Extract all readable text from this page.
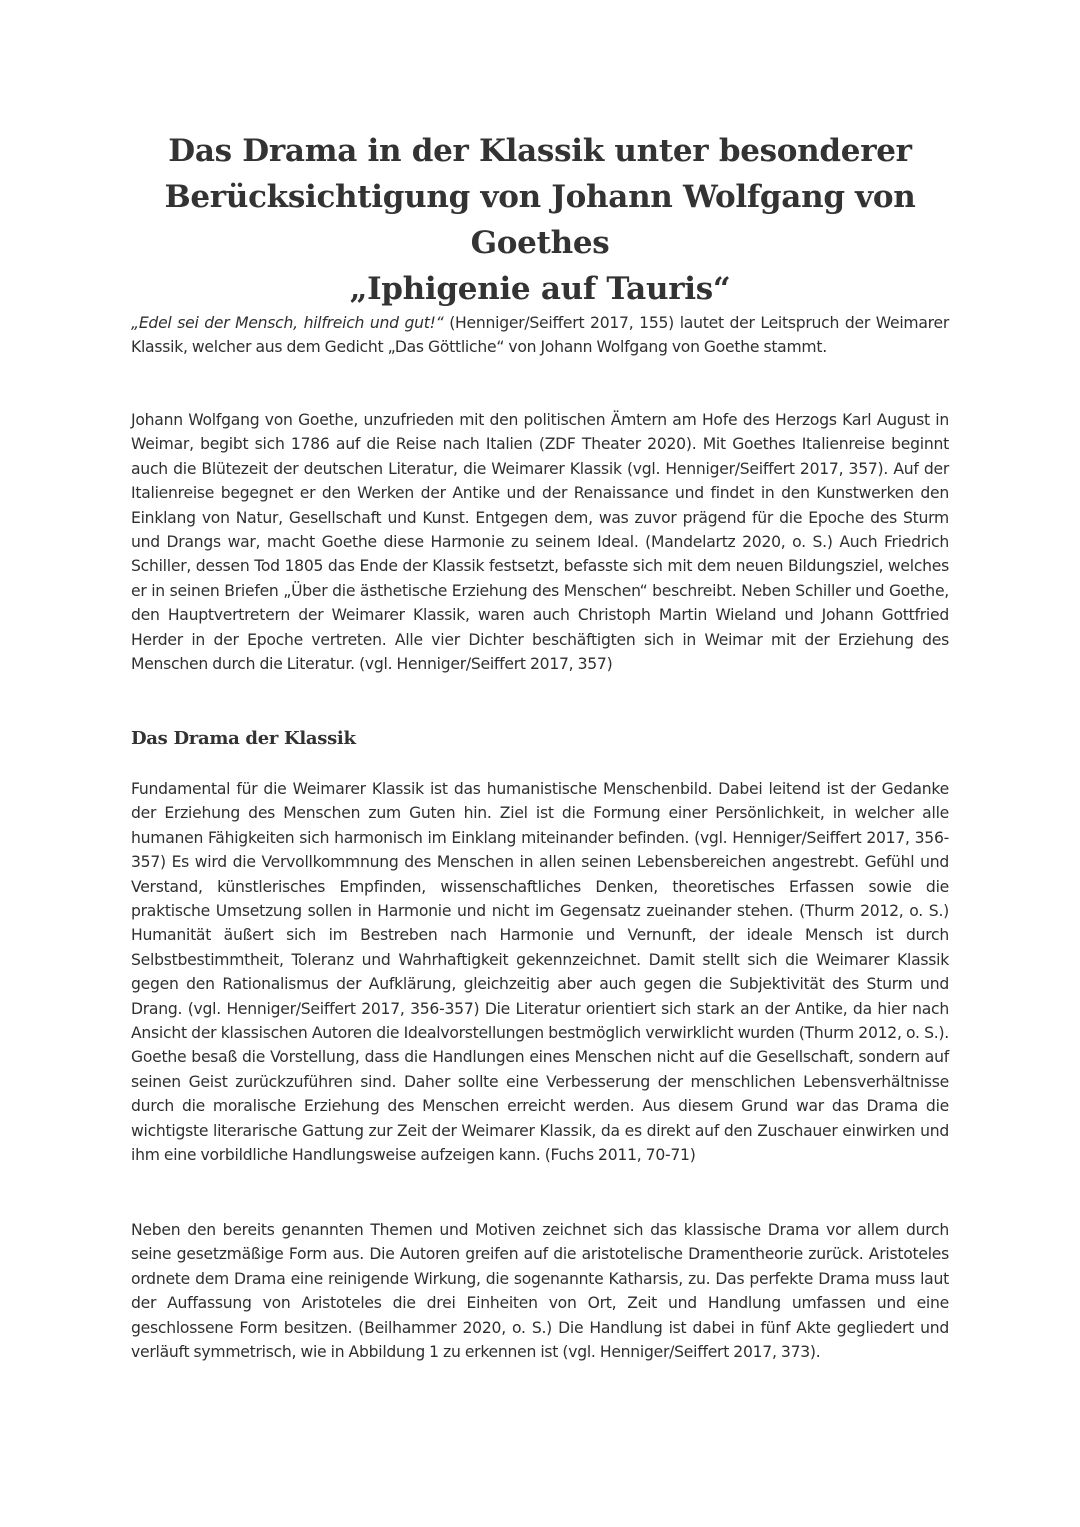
Das Drama in der Klassik unter besonderer
Berücksichtigung von Johann Wolfgang von Goethes
„Iphigenie auf Tauris“

„Edel sei der Mensch, hilfreich und gut!“ (Henniger/Seiffert 2017, 155) lautet der Leitspruch der Weimarer Klassik, welcher aus dem Gedicht „Das Göttliche“ von Johann Wolfgang von Goethe stammt.

Johann Wolfgang von Goethe, unzufrieden mit den politischen Ämtern am Hofe des Herzogs Karl August in Weimar, begibt sich 1786 auf die Reise nach Italien (ZDF Theater 2020). Mit Goethes Italienreise beginnt auch die Blütezeit der deutschen Literatur, die Weimarer Klassik (vgl. Henniger/Seiffert 2017, 357). Auf der Italienreise begegnet er den Werken der Antike und der Renaissance und findet in den Kunstwerken den Einklang von Natur, Gesellschaft und Kunst. Entgegen dem, was zuvor prägend für die Epoche des Sturm und Drangs war, macht Goethe diese Harmonie zu seinem Ideal. (Mandelartz 2020, o. S.) Auch Friedrich Schiller, dessen Tod 1805 das Ende der Klassik festsetzt, befasste sich mit dem neuen Bildungsziel, welches er in seinen Briefen „Über die ästhetische Erziehung des Menschen“ beschreibt. Neben Schiller und Goethe, den Hauptvertretern der Weimarer Klassik, waren auch Christoph Martin Wieland und Johann Gottfried Herder in der Epoche vertreten. Alle vier Dichter beschäftigten sich in Weimar mit der Erziehung des Menschen durch die Literatur. (vgl. Henniger/Seiffert 2017, 357)

Das Drama der Klassik

Fundamental für die Weimarer Klassik ist das humanistische Menschenbild. Dabei leitend ist der Gedanke der Erziehung des Menschen zum Guten hin. Ziel ist die Formung einer Persönlichkeit, in welcher alle humanen Fähigkeiten sich harmonisch im Einklang miteinander befinden. (vgl. Henniger/Seiffert 2017, 356-357) Es wird die Vervollkommnung des Menschen in allen seinen Lebensbereichen angestrebt. Gefühl und Verstand, künstlerisches Empfinden, wissenschaftliches Denken, theoretisches Erfassen sowie die praktische Umsetzung sollen in Harmonie und nicht im Gegensatz zueinander stehen. (Thurm 2012, o. S.) Humanität äußert sich im Bestreben nach Harmonie und Vernunft, der ideale Mensch ist durch Selbstbestimmtheit, Toleranz und Wahrhaftigkeit gekennzeichnet. Damit stellt sich die Weimarer Klassik gegen den Rationalismus der Aufklärung, gleichzeitig aber auch gegen die Subjektivität des Sturm und Drang. (vgl. Henniger/Seiffert 2017, 356-357) Die Literatur orientiert sich stark an der Antike, da hier nach Ansicht der klassischen Autoren die Idealvorstellungen bestmöglich verwirklicht wurden (Thurm 2012, o. S.). Goethe besaß die Vorstellung, dass die Handlungen eines Menschen nicht auf die Gesellschaft, sondern auf seinen Geist zurückzuführen sind. Daher sollte eine Verbesserung der menschlichen Lebensverhältnisse durch die moralische Erziehung des Menschen erreicht werden. Aus diesem Grund war das Drama die wichtigste literarische Gattung zur Zeit der Weimarer Klassik, da es direkt auf den Zuschauer einwirken und ihm eine vorbildliche Handlungsweise aufzeigen kann. (Fuchs 2011, 70-71)

Neben den bereits genannten Themen und Motiven zeichnet sich das klassische Drama vor allem durch seine gesetzmäßige Form aus. Die Autoren greifen auf die aristotelische Dramentheorie zurück. Aristoteles ordnete dem Drama eine reinigende Wirkung, die sogenannte Katharsis, zu. Das perfekte Drama muss laut der Auffassung von Aristoteles die drei Einheiten von Ort, Zeit und Handlung umfassen und eine geschlossene Form besitzen. (Beilhammer 2020, o. S.) Die Handlung ist dabei in fünf Akte gegliedert und verläuft symmetrisch, wie in Abbildung 1 zu erkennen ist (vgl. Henniger/Seiffert 2017, 373).
